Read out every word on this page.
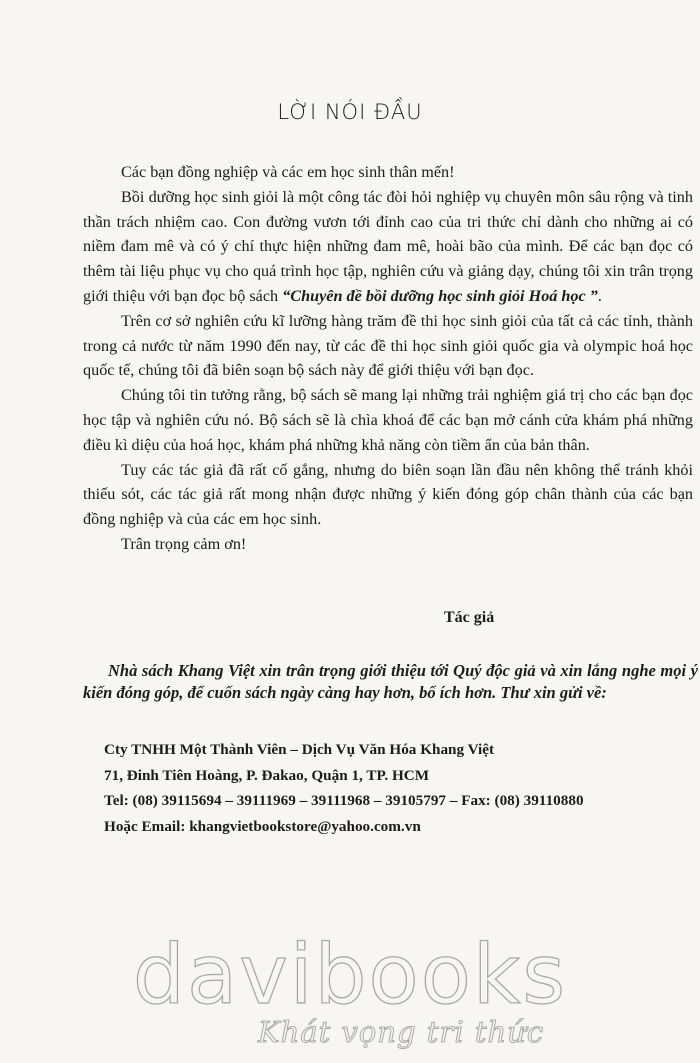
LỜI NÓI ĐẦU

Các bạn đồng nghiệp và các em học sinh thân mến!

Bồi dưỡng học sinh giỏi là một công tác đòi hỏi nghiệp vụ chuyên môn sâu rộng và tinh thần trách nhiệm cao. Con đường vươn tới đỉnh cao của tri thức chỉ dành cho những ai có niềm đam mê và có ý chí thực hiện những đam mê, hoài bão của mình. Để các bạn đọc có thêm tài liệu phục vụ cho quá trình học tập, nghiên cứu và giảng dạy, chúng tôi xin trân trọng giới thiệu với bạn đọc bộ sách “Chuyên đề bồi dưỡng học sinh giỏi Hoá học ”.

Trên cơ sở nghiên cứu kĩ lưỡng hàng trăm đề thi học sinh giỏi của tất cả các tỉnh, thành trong cả nước từ năm 1990 đến nay, từ các đề thi học sinh giỏi quốc gia và olympic hoá học quốc tế, chúng tôi đã biên soạn bộ sách này để giới thiệu với bạn đọc.

Chúng tôi tin tưởng rằng, bộ sách sẽ mang lại những trải nghiệm giá trị cho các bạn đọc học tập và nghiên cứu nó. Bộ sách sẽ là chìa khoá để các bạn mở cánh cửa khám phá những điều kì diệu của hoá học, khám phá những khả năng còn tiềm ẩn của bản thân.

Tuy các tác giả đã rất cố gắng, nhưng do biên soạn lần đầu nên không thể tránh khỏi thiếu sót, các tác giả rất mong nhận được những ý kiến đóng góp chân thành của các bạn đồng nghiệp và của các em học sinh.

Trân trọng cảm ơn!

Tác giả
Nhà sách Khang Việt xin trân trọng giới thiệu tới Quý độc giả và xin lắng nghe mọi ý kiến đóng góp, để cuốn sách ngày càng hay hơn, bổ ích hơn. Thư xin gửi về:
Cty TNHH Một Thành Viên – Dịch Vụ Văn Hóa Khang Việt
71, Đinh Tiên Hoàng, P. Đakao, Quận 1, TP. HCM
Tel: (08) 39115694 – 39111969 – 39111968 – 39105797 – Fax: (08) 39110880
Hoặc Email: khangvietbookstore@yahoo.com.vn
davibooks
Khát vọng tri thức
